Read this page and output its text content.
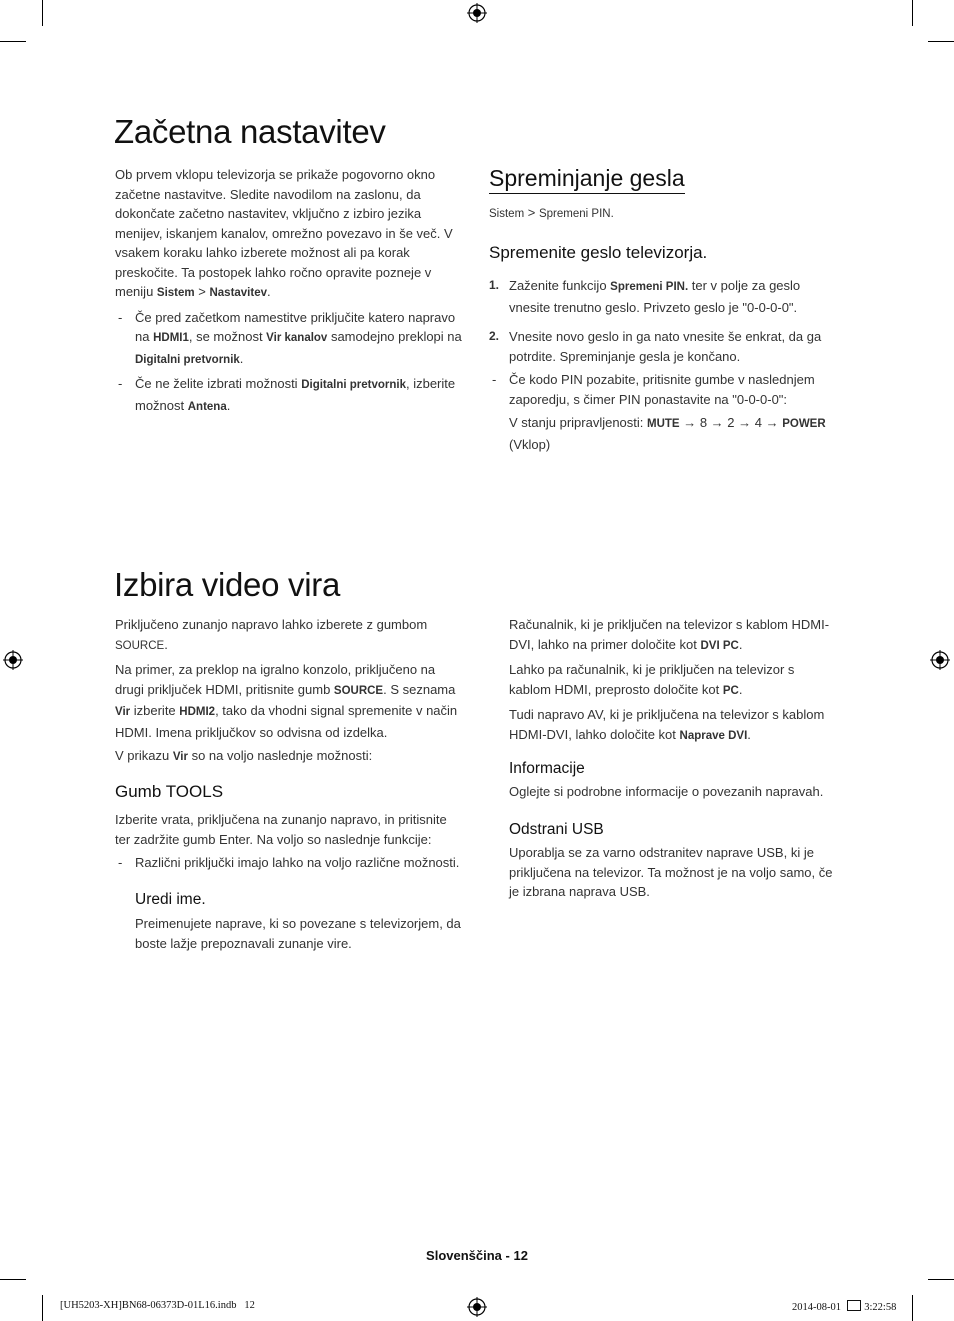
Začetna nastavitev

Ob prvem vklopu televizorja se prikaže pogovorno okno začetne nastavitve. Sledite navodilom na zaslonu, da dokončate začetno nastavitev, vključno z izbiro jezika menijev, iskanjem kanalov, omrežno povezavo in še več. V vsakem koraku lahko izberete možnost ali pa korak preskočite. Ta postopek lahko ročno opravite pozneje v meniju Sistem > Nastavitev.

- Če pred začetkom namestitve priključite katero napravo na HDMI1, se možnost Vir kanalov samodejno preklopi na Digitalni pretvornik.
- Če ne želite izbrati možnosti Digitalni pretvornik, izberite možnost Antena.
Spreminjanje gesla
Sistem > Spremeni PIN.
Spremenite geslo televizorja.
1. Zaženite funkcijo Spremeni PIN. ter v polje za geslo vnesite trenutno geslo. Privzeto geslo je "0-0-0-0".
2. Vnesite novo geslo in ga nato vnesite še enkrat, da ga potrdite. Spreminjanje gesla je končano.
- Če kodo PIN pozabite, pritisnite gumbe v naslednjem zaporedju, s čimer PIN ponastavite na "0-0-0-0":
V stanju pripravljenosti: MUTE → 8 → 2 → 4 → POWER (Vklop)
Izbira video vira

Priključeno zunanjo napravo lahko izberete z gumbom SOURCE.

Na primer, za preklop na igralno konzolo, priključeno na drugi priključek HDMI, pritisnite gumb SOURCE. S seznama Vir izberite HDMI2, tako da vhodni signal spremenite v način HDMI. Imena priključkov so odvisna od izdelka.

V prikazu Vir so na voljo naslednje možnosti:

Gumb TOOLS

Izberite vrata, priključena na zunanjo napravo, in pritisnite ter zadržite gumb Enter. Na voljo so naslednje funkcije:

- Različni priključki imajo lahko na voljo različne možnosti.
Uredi ime.
Preimenujete naprave, ki so povezane s televizorjem, da boste lažje prepoznavali zunanje vire.

Računalnik, ki je priključen na televizor s kablom HDMI-DVI, lahko na primer določite kot DVI PC.

Lahko pa računalnik, ki je priključen na televizor s kablom HDMI, preprosto določite kot PC.

Tudi napravo AV, ki je priključena na televizor s kablom HDMI-DVI, lahko določite kot Naprave DVI.

Informacije
Oglejte si podrobne informacije o povezanih napravah.
Odstrani USB
Uporablja se za varno odstranitev naprave USB, ki je priključena na televizor. Ta možnost je na voljo samo, če je izbrana naprava USB.
Slovenščina - 12
[UH5203-XH]BN68-06373D-01L16.indb   12	2014-08-01 3:22:58
